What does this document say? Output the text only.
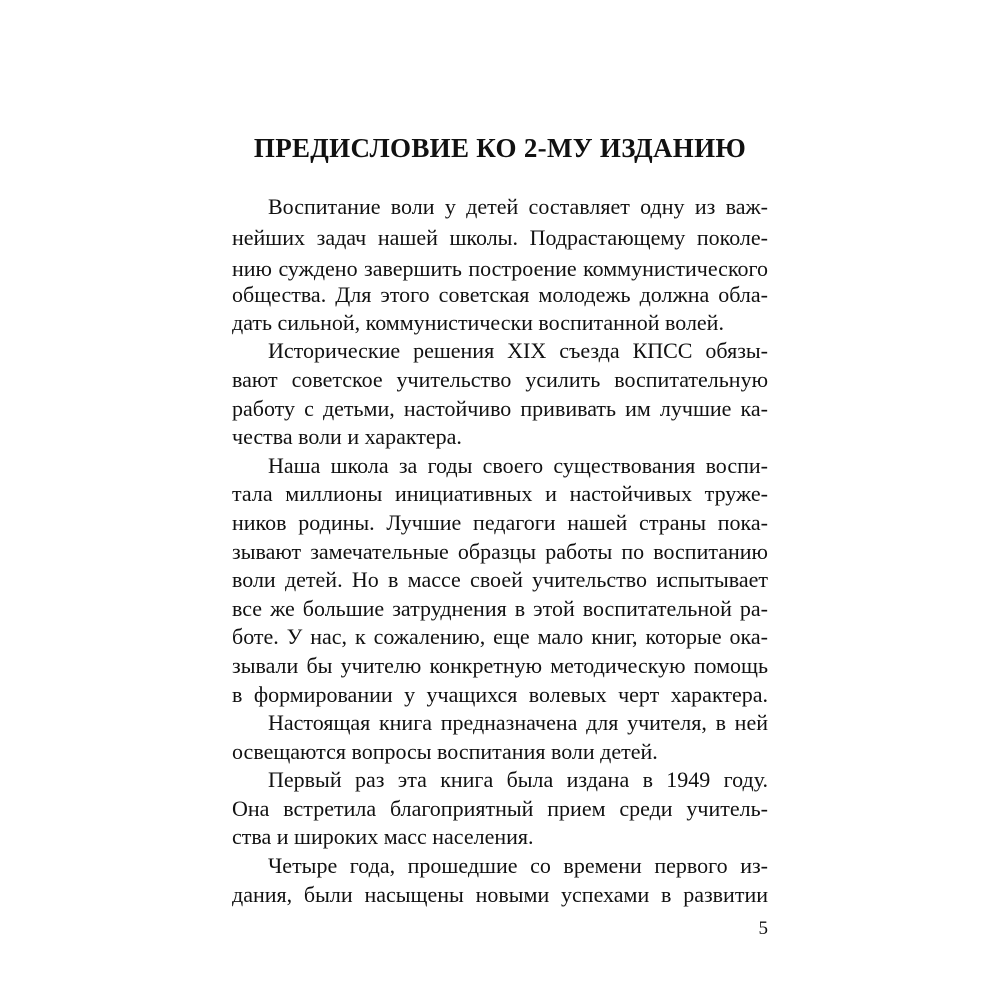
ПРЕДИСЛОВИЕ КО 2-МУ ИЗДАНИЮ
Воспитание воли у детей составляет одну из важ-
нейших задач нашей школы. Подрастающему поколе-
нию суждено завершить построение коммунистического
общества. Для этого советская молодежь должна обла-
дать сильной, коммунистически воспитанной волей.
Исторические решения XIX съезда КПСС обязы-
вают советское учительство усилить воспитательную
работу с детьми, настойчиво прививать им лучшие ка-
чества воли и характера.
Наша школа за годы своего существования воспи-
тала миллионы инициативных и настойчивых труже-
ников родины. Лучшие педагоги нашей страны пока-
зывают замечательные образцы работы по воспитанию
воли детей. Но в массе своей учительство испытывает
все же большие затруднения в этой воспитательной ра-
боте. У нас, к сожалению, еще мало книг, которые ока-
зывали бы учителю конкретную методическую помощь
в формировании у учащихся волевых черт характера.
Настоящая книга предназначена для учителя, в ней
освещаются вопросы воспитания воли детей.
Первый раз эта книга была издана в 1949 году.
Она встретила благоприятный прием среди учитель-
ства и широких масс населения.
Четыре года, прошедшие со времени первого из-
дания, были насыщены новыми успехами в развитии
5
